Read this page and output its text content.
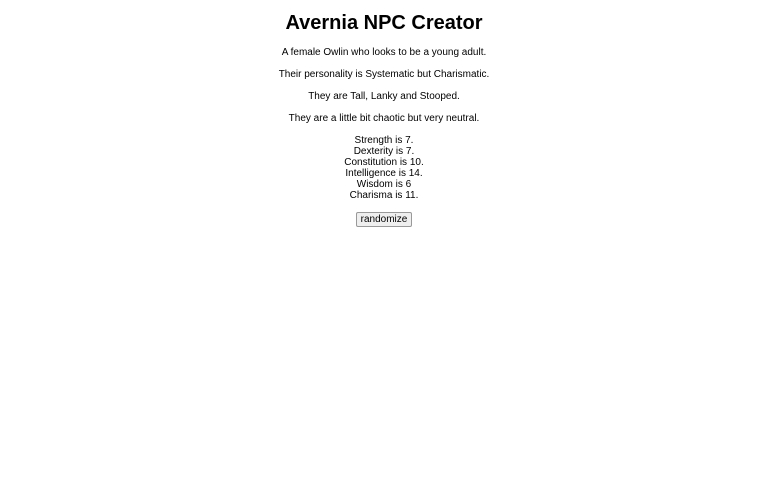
Avernia NPC Creator

A female Owlin who looks to be a young adult.

Their personality is Systematic but Charismatic.

They are Tall, Lanky and Stooped.

They are a little bit chaotic but very neutral.

Strength is 7.

Dexterity is 7.

Constitution is 10.

Intelligence is 14.

Wisdom is 6

Charisma is 11.

randomize
